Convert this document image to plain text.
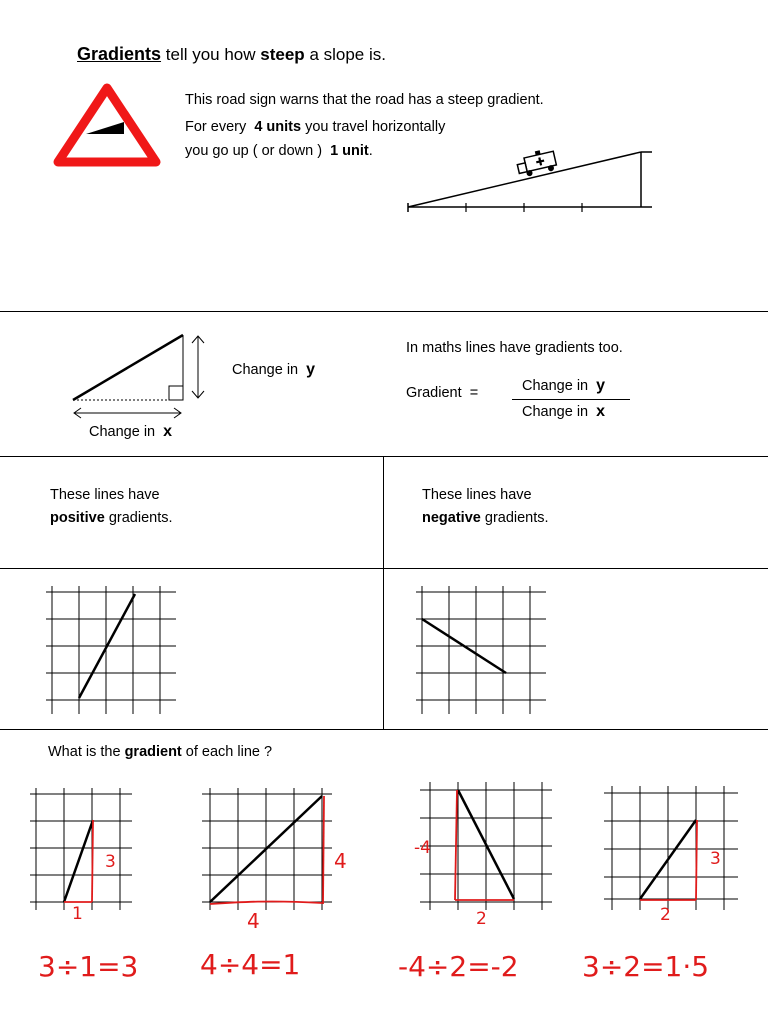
Gradients tell you how steep a slope is.
This road sign warns that the road has a steep gradient.
For every 4 units you travel horizontally
you go up ( or down ) 1 unit.
Change in y
Change in x
In maths lines have gradients too.
Gradient =	Change in y
Change in x
These lines have
positive gradients.
These lines have
negative gradients.
What is the gradient of each line ?
3
1
4
4
-4
2
3
2
3÷1=3 4÷4=1	-4÷2=-2 3÷2=1·5
